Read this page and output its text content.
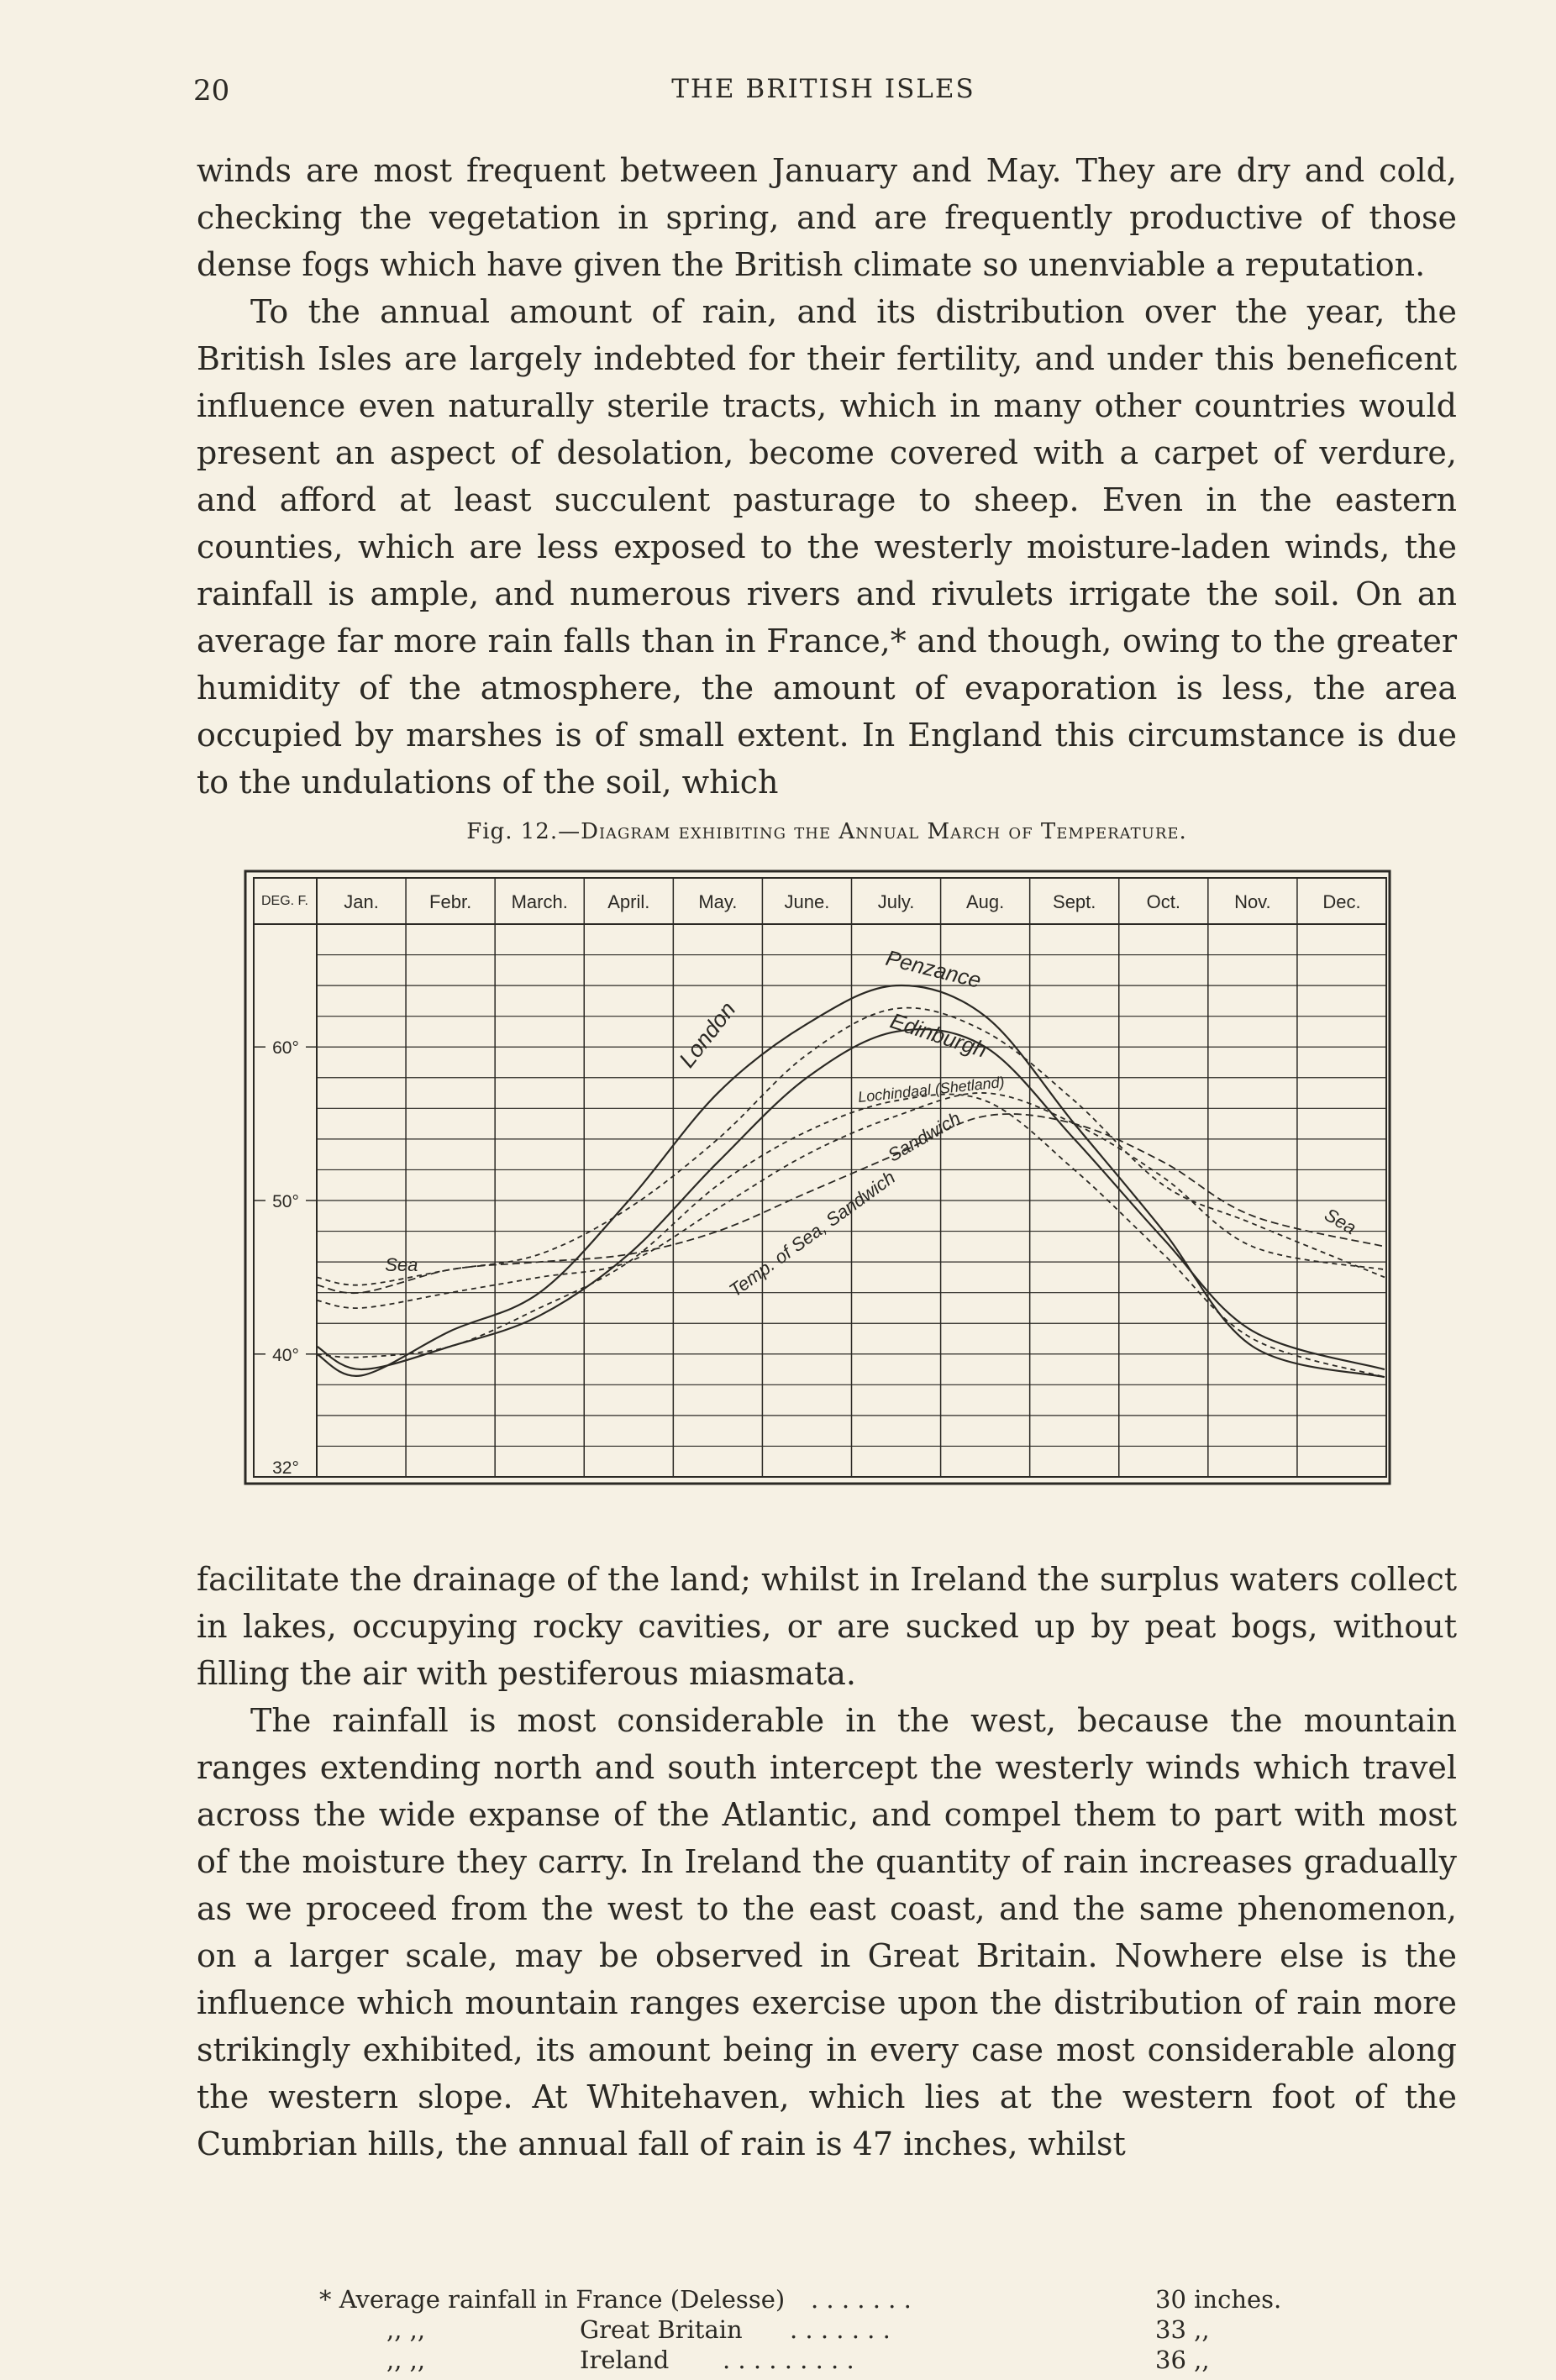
20	THE BRITISH ISLES

winds are most frequent between January and May. They are dry and cold, checking the vegetation in spring, and are frequently productive of those dense fogs which have given the British climate so unenviable a reputation.

To the annual amount of rain, and its distribution over the year, the British Isles are largely indebted for their fertility, and under this beneficent influence even naturally sterile tracts, which in many other countries would present an aspect of desolation, become covered with a carpet of verdure, and afford at least succulent pasturage to sheep. Even in the eastern counties, which are less exposed to the westerly moisture-laden winds, the rainfall is ample, and numerous rivers and rivulets irrigate the soil. On an average far more rain falls than in France,* and though, owing to the greater humidity of the atmosphere, the amount of evaporation is less, the area occupied by marshes is of small extent. In England this circumstance is due to the undulations of the soil, which

Fig. 12.—Diagram exhibiting the Annual March of Temperature.
Jan.	Febr. March. April.	May.	June.	July.	Aug.	Sept.	Oct.	Nov.	Dec.
DEG. F.
60°
50°
40°
32°
London	Edinburgh
Penzance
Lochindaal (Shetland)
Sandwich
Temp. of Sea, Sandwich
Sea
Sea

facilitate the drainage of the land; whilst in Ireland the surplus waters collect in lakes, occupying rocky cavities, or are sucked up by peat bogs, without filling the air with pestiferous miasmata.

The rainfall is most considerable in the west, because the mountain ranges extending north and south intercept the westerly winds which travel across the wide expanse of the Atlantic, and compel them to part with most of the moisture they carry. In Ireland the quantity of rain increases gradually as we proceed from the west to the east coast, and the same phenomenon, on a larger scale, may be observed in Great Britain. Nowhere else is the influence which mountain ranges exercise upon the distribution of rain more strikingly exhibited, its amount being in every case most considerable along the western slope. At Whitehaven, which lies at the western foot of the Cumbrian hills, the annual fall of rain is 47 inches, whilst

* Average rainfall in France (Delesse) . . . . . . .	30 inches.
,, ,,	Great Britain . . . . . . .	33 ,,
,, ,,	Ireland . . . . . . . . .	36 ,,
